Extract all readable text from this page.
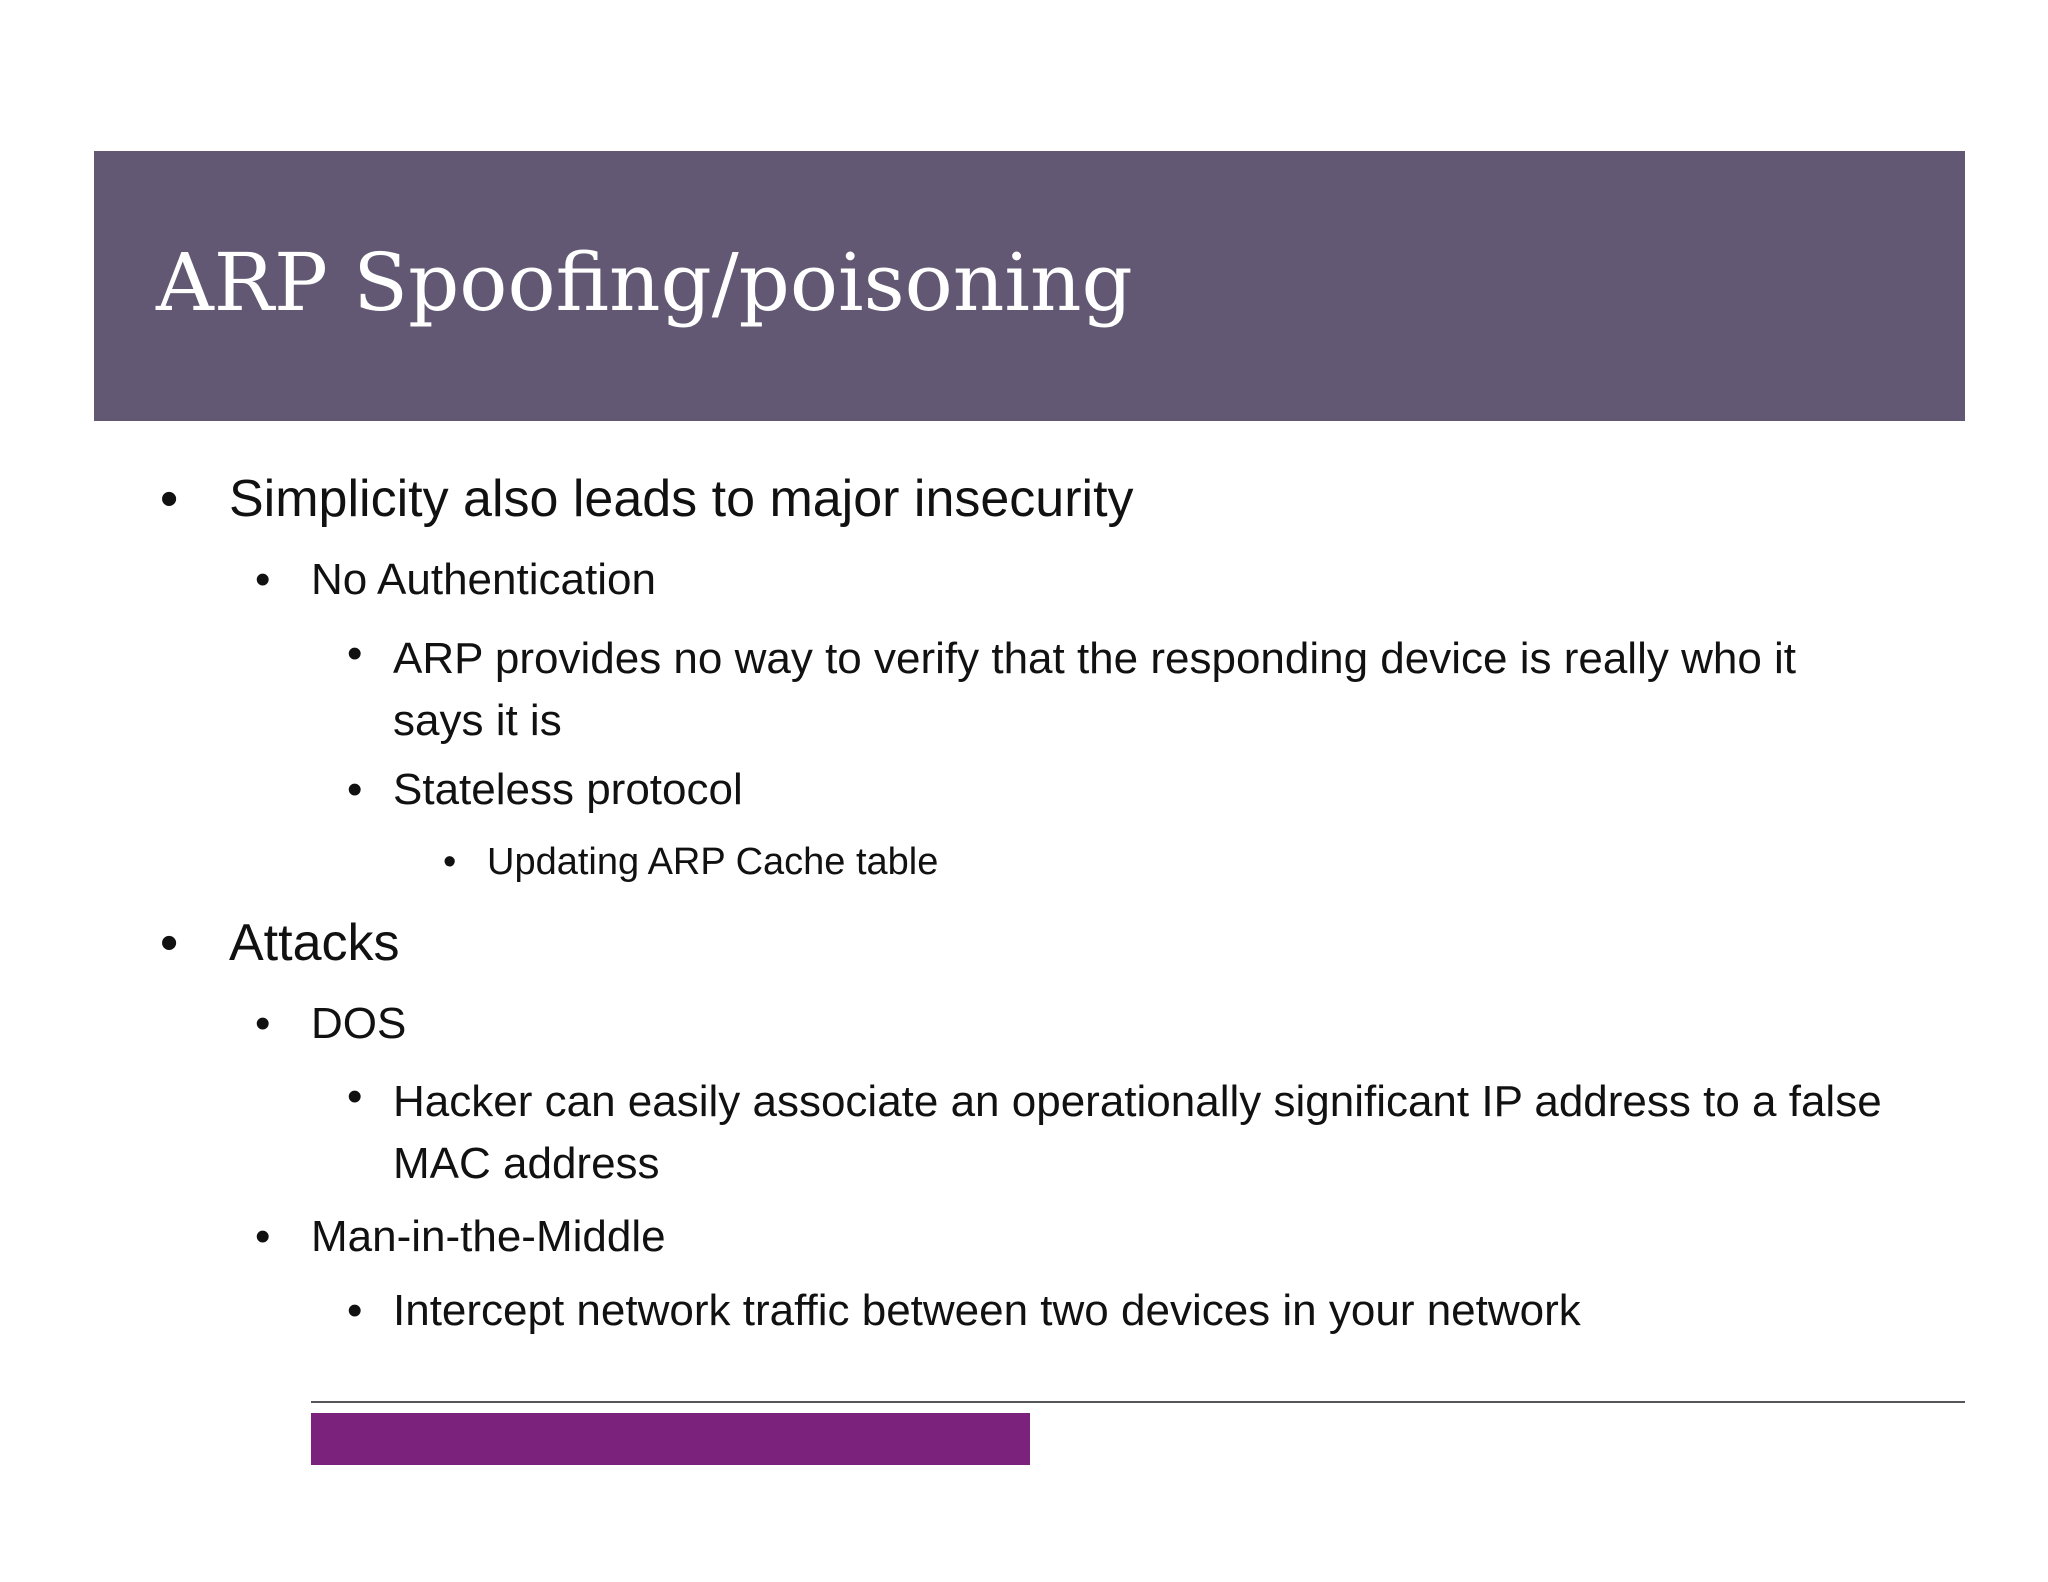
ARP Spoofing/poisoning
• Simplicity also leads to major insecurity
• No Authentication
• ARP provides no way to verify that the responding device is really who it says it is
• Stateless protocol
• Updating ARP Cache table
• Attacks
• DOS
• Hacker can easily associate an operationally significant IP address to a false MAC address
• Man-in-the-Middle
• Intercept network traffic between two devices in your network
